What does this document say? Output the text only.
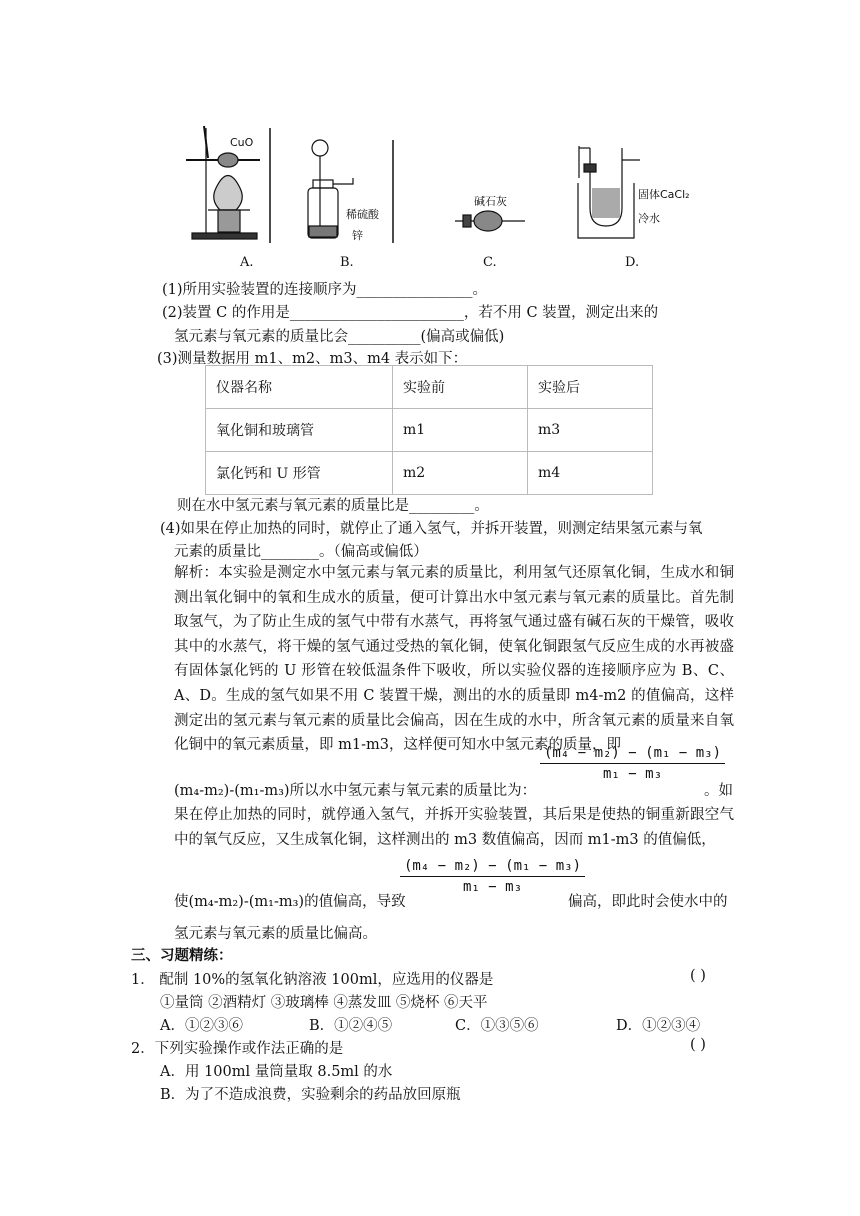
CuO
稀硫酸
锌
碱石灰
固体CaCl₂
冷水
A.	B.	C.	D.
(1)所用实验装置的连接顺序为________________。
(2)装置 C 的作用是________________________，若不用 C 装置，测定出来的
氢元素与氧元素的质量比会__________(偏高或偏低)
(3)测量数据用 m1、m2、m3、m4 表示如下：
仪器名称	实验前	实验后
氧化铜和玻璃管	m1	m3
氯化钙和 U 形管	m2	m4
则在水中氢元素与氧元素的质量比是_________。
(4)如果在停止加热的同时，就停止了通入氢气，并拆开装置，则测定结果氢元素与氧
元素的质量比________。（偏高或偏低）
解析：本实验是测定水中氢元素与氧元素的质量比，利用氢气还原氧化铜，生成水和铜测出氧化铜中的氧和生成水的质量，便可计算出水中氢元素与氧元素的质量比。首先制取氢气，为了防止生成的氢气中带有水蒸气，再将氢气通过盛有碱石灰的干燥管，吸收其中的水蒸气，将干燥的氢气通过受热的氧化铜，使氧化铜跟氢气反应生成的水再被盛有固体氯化钙的 U 形管在较低温条件下吸收，所以实验仪器的连接顺序应为 B、C、A、D。生成的氢气如果不用 C 装置干燥，测出的水的质量即 m4-m2 的值偏高，这样测定出的氢元素与氧元素的质量比会偏高，因在生成的水中，所含氧元素的质量来自氧化铜中的氧元素质量，即 m1-m3，这样便可知水中氢元素的质量，即
$\frac{\text{(m₄ − m₂) − (m₁ − m₃)}}{\text{m₁ − m₃}}$
(m₄-m₂)-(m₁-m₃)所以水中氢元素与氧元素的质量比为：	。如
果在停止加热的同时，就停通入氢气，并拆开实验装置，其后果是使热的铜重新跟空气中的氧气反应，又生成氧化铜，这样测出的 m3 数值偏高，因而 m1-m3 的值偏低，
$\frac{\text{(m₄ − m₂) − (m₁ − m₃)}}{\text{m₁ − m₃}}$
使(m₄-m₂)-(m₁-m₃)的值偏高，导致	偏高，即此时会使水中的
氢元素与氧元素的质量比偏高。
三、习题精练：
1． 配制 10%的氢氧化钠溶液 100ml，应选用的仪器是	( )
①量筒 ②酒精灯 ③玻璃棒 ④蒸发皿 ⑤烧杯 ⑥天平
A．①②③⑥	B．①②④⑤	C．①③⑤⑥	D．①②③④
2．下列实验操作或作法正确的是	( )
A．用 100ml 量筒量取 8.5ml 的水
B．为了不造成浪费，实验剩余的药品放回原瓶
